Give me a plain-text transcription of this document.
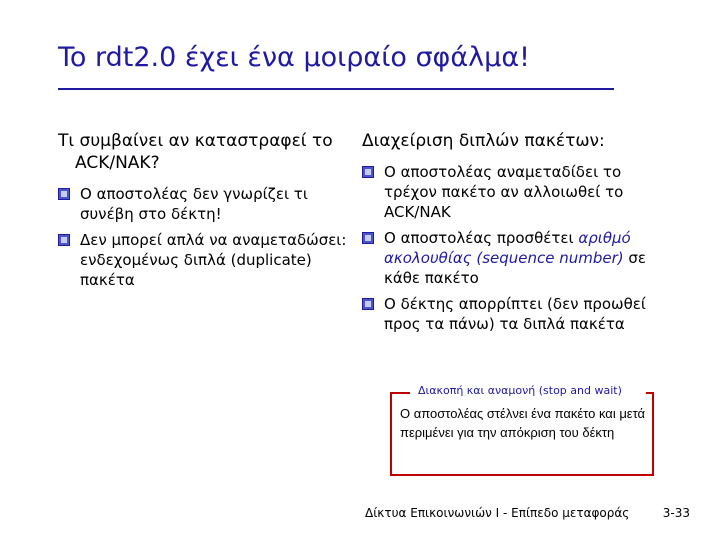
To rdt2.0 έχει ένα μοιραίο σφάλμα!
Τι συμβαίνει αν καταστραφεί το ACK/NAK?
Ο αποστολέας δεν γνωρίζει τι συνέβη στο δέκτη!
Δεν μπορεί απλά να αναμεταδώσει: ενδεχομένως διπλά (duplicate) πακέτα
Διαχείριση διπλών πακέτων:
Ο αποστολέας αναμεταδίδει το τρέχον πακέτο αν αλλοιωθεί το ACK/NAK
Ο αποστολέας προσθέτει αριθμό ακολουθίας (sequence number) σε κάθε πακέτο
Ο δέκτης απορρίπτει (δεν προωθεί προς τα πάνω) τα διπλά πακέτα
Διακοπή και αναμονή (stop and wait)
Ο αποστολέας στέλνει ένα πακέτο και μετά περιμένει για την απόκριση του δέκτη
Δίκτυα Επικοινωνιών Ι - Επίπεδο μεταφοράς	3-33
